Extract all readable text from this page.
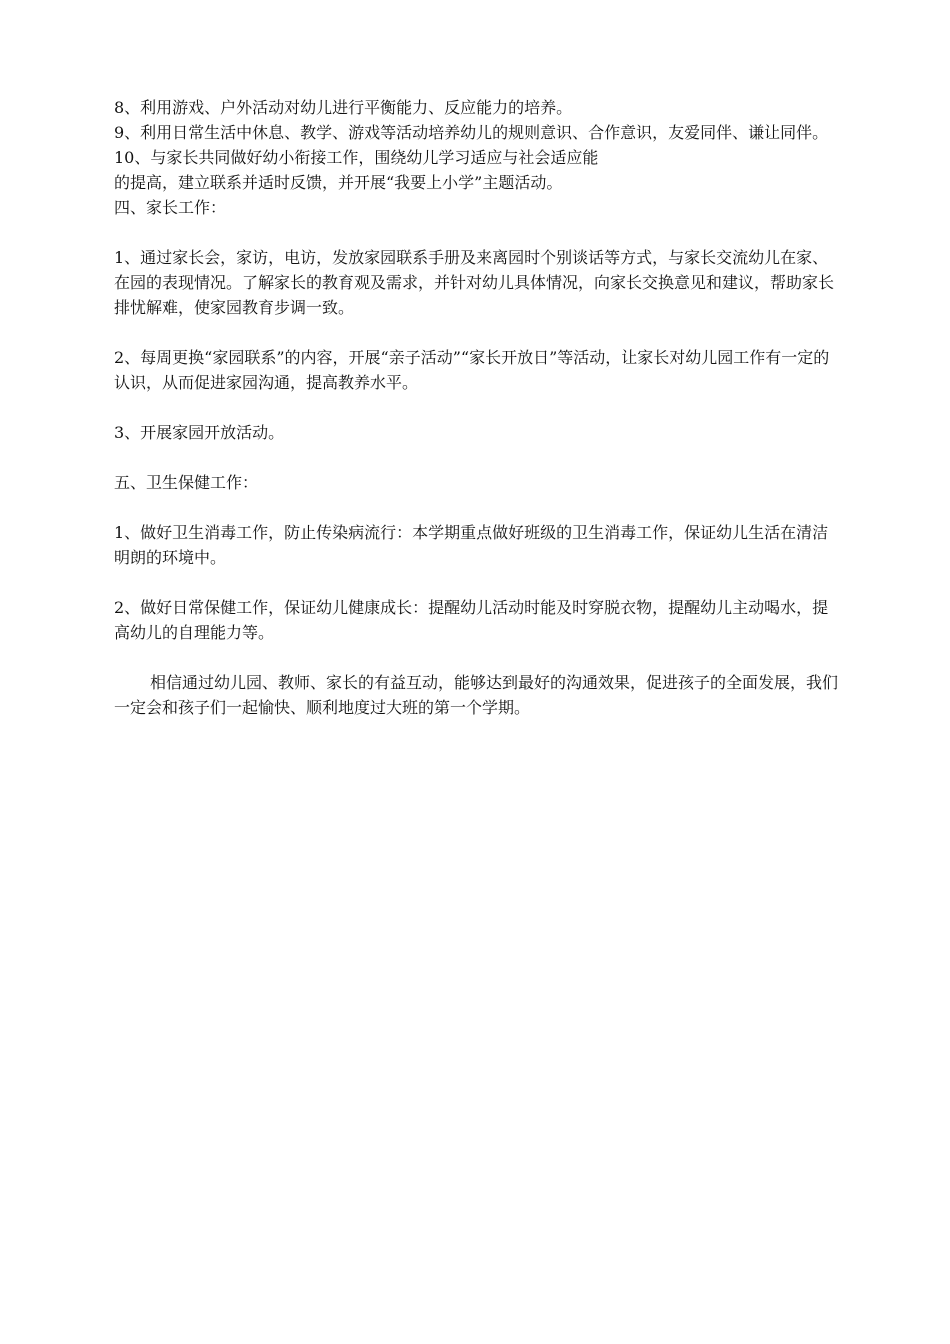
8、利用游戏、户外活动对幼儿进行平衡能力、反应能力的培养。

9、利用日常生活中休息、教学、游戏等活动培养幼儿的规则意识、合作意识，友爱同伴、谦让同伴。

10、与家长共同做好幼小衔接工作，围绕幼儿学习适应与社会适应能

的提高，建立联系并适时反馈，并开展“我要上小学”主题活动。

四、家长工作：

1、通过家长会，家访，电访，发放家园联系手册及来离园时个别谈话等方式，与家长交流幼儿在家、在园的表现情况。了解家长的教育观及需求，并针对幼儿具体情况，向家长交换意见和建议，帮助家长排忧解难，使家园教育步调一致。

2、每周更换“家园联系”的内容，开展“亲子活动”“家长开放日”等活动，让家长对幼儿园工作有一定的认识，从而促进家园沟通，提高教养水平。

3、开展家园开放活动。

五、卫生保健工作：

1、做好卫生消毒工作，防止传染病流行：本学期重点做好班级的卫生消毒工作，保证幼儿生活在清洁明朗的环境中。

2、做好日常保健工作，保证幼儿健康成长：提醒幼儿活动时能及时穿脱衣物，提醒幼儿主动喝水，提高幼儿的自理能力等。

相信通过幼儿园、教师、家长的有益互动，能够达到最好的沟通效果，促进孩子的全面发展，我们一定会和孩子们一起愉快、顺利地度过大班的第一个学期。
